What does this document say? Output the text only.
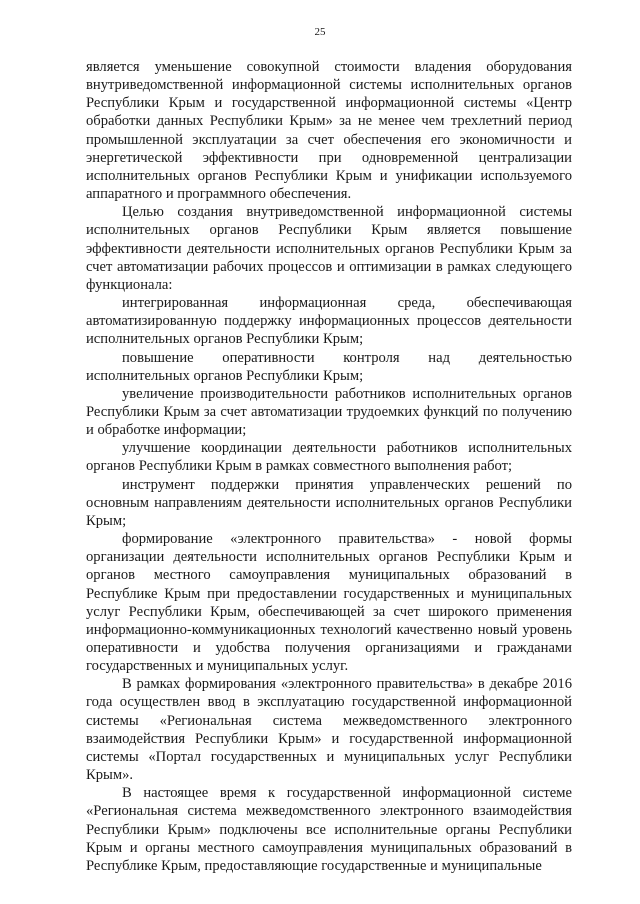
25

является уменьшение совокупной стоимости владения оборудования внутриведомственной информационной системы исполнительных органов Республики Крым и государственной информационной системы «Центр обработки данных Республики Крым» за не менее чем трехлетний период промышленной эксплуатации за счет обеспечения его экономичности и энергетической эффективности при одновременной централизации исполнительных органов Республики Крым и унификации используемого аппаратного и программного обеспечения.

Целью создания внутриведомственной информационной системы исполнительных органов Республики Крым является повышение эффективности деятельности исполнительных органов Республики Крым за счет автоматизации рабочих процессов и оптимизации в рамках следующего функционала:

интегрированная информационная среда, обеспечивающая автоматизированную поддержку информационных процессов деятельности исполнительных органов Республики Крым;

повышение оперативности контроля над деятельностью исполнительных органов Республики Крым;

увеличение производительности работников исполнительных органов Республики Крым за счет автоматизации трудоемких функций по получению и обработке информации;

улучшение координации деятельности работников исполнительных органов Республики Крым в рамках совместного выполнения работ;

инструмент поддержки принятия управленческих решений по основным направлениям деятельности исполнительных органов Республики Крым;

формирование «электронного правительства» - новой формы организации деятельности исполнительных органов Республики Крым и органов местного самоуправления муниципальных образований в Республике Крым при предоставлении государственных и муниципальных услуг Республики Крым, обеспечивающей за счет широкого применения информационно-коммуникационных технологий качественно новый уровень оперативности и удобства получения организациями и гражданами государственных и муниципальных услуг.

В рамках формирования «электронного правительства» в декабре 2016 года осуществлен ввод в эксплуатацию государственной информационной системы «Региональная система межведомственного электронного взаимодействия Республики Крым» и государственной информационной системы «Портал государственных и муниципальных услуг Республики Крым».

В настоящее время к государственной информационной системе «Региональная система межведомственного электронного взаимодействия Республики Крым» подключены все исполнительные органы Республики Крым и органы местного самоуправления муниципальных образований в Республике Крым, предоставляющие государственные и муниципальные
